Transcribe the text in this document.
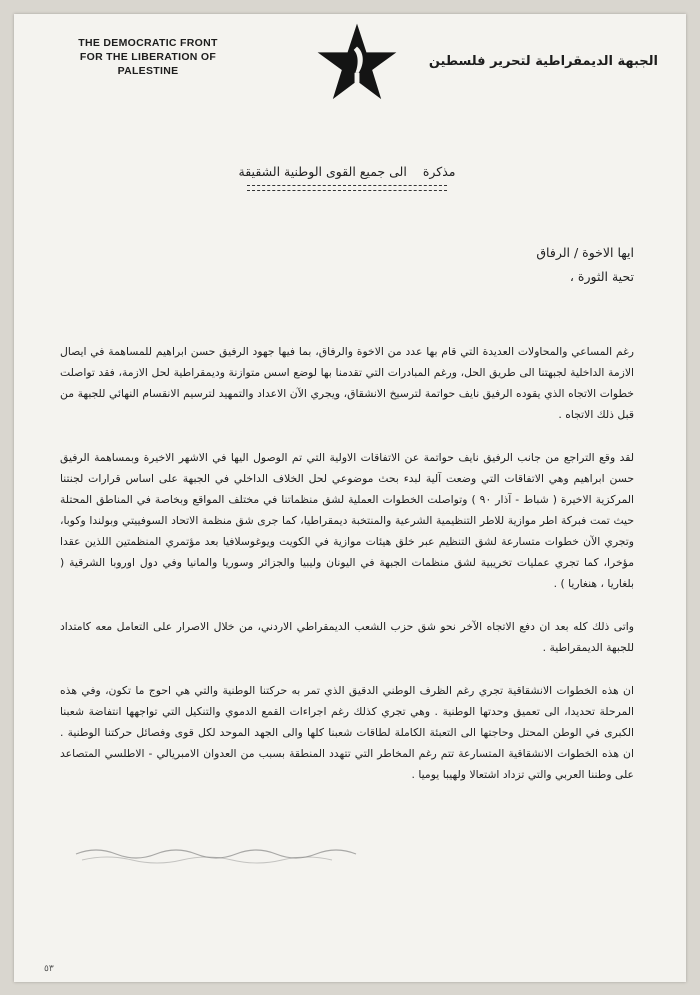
THE DEMOCRATIC FRONT
FOR THE LIBERATION OF
PALESTINE
الجبهة الديمقراطية لتحرير فلسطين
مذكرة الى جميع القوى الوطنية الشقيقة

ايها الاخوة / الرفاق

تحية الثورة ،

رغم المساعي والمحاولات العديدة التي قام بها عدد من الاخوة والرفاق، بما فيها جهود الرفيق حسن ابراهيم للمساهمة في ايصال الازمة الداخلية لجبهتنا الى طريق الحل، ورغم المبادرات التي تقدمنا بها لوضع اسس متوازنة وديمقراطية لحل الازمة، فقد تواصلت خطوات الاتجاه الذي يقوده الرفيق نايف حواتمة لترسيخ الانشقاق، ويجري الآن الاعداد والتمهيد لترسيم الانقسام النهائي للجبهة من قبل ذلك الاتجاه .

لقد وقع التراجع من جانب الرفيق نايف حواتمة عن الاتفاقات الاولية التي تم الوصول اليها في الاشهر الاخيرة وبمساهمة الرفيق حسن ابراهيم وهي الاتفاقات التي وضعت آلية لبدء بحث موضوعي لحل الخلاف الداخلي في الجبهة على اساس قرارات لجنتنا المركزية الاخيرة ( شباط - آذار ٩٠ ) وتواصلت الخطوات العملية لشق منظماتنا في مختلف المواقع وبخاصة في المناطق المحتلة حيث تمت فبركة اطر موازية للاطر التنظيمية الشرعية والمنتخبة ديمقراطيا، كما جرى شق منظمة الاتحاد السوفييتي وبولندا وكوبا، وتجري الآن خطوات متسارعة لشق التنظيم عبر خلق هيئات موازية في الكويت ويوغوسلافيا بعد مؤتمري المنظمتين اللذين عقدا مؤخرا، كما تجري عمليات تخريبية لشق منظمات الجبهة في اليونان وليبيا والجزائر وسوريا والمانيا وفي دول اوروبا الشرقية ( بلغاريا ، هنغاريا ) .

واتى ذلك كله بعد ان دفع الاتجاه الآخر نحو شق حزب الشعب الديمقراطي الاردني، من خلال الاصرار على التعامل معه كامتداد للجبهة الديمقراطية .

ان هذه الخطوات الانشقاقية تجري رغم الظرف الوطني الدقيق الذي تمر به حركتنا الوطنية والتي هي احوج ما تكون، وفي هذه المرحلة تحديدا، الى تعميق وحدتها الوطنية . وهي تجري كذلك رغم اجراءات القمع الدموي والتنكيل التي تواجهها انتفاضة شعبنا الكبرى في الوطن المحتل وحاجتها الى التعبئة الكاملة لطاقات شعبنا كلها والى الجهد الموحد لكل قوى وفصائل حركتنا الوطنية . ان هذه الخطوات الانشقاقية المتسارعة تتم رغم المخاطر التي تتهدد المنطقة بسبب من العدوان الامبريالي - الاطلسي المتصاعد على وطننا العربي والتي تزداد اشتعالا ولهيبا يوميا .

٥٣
